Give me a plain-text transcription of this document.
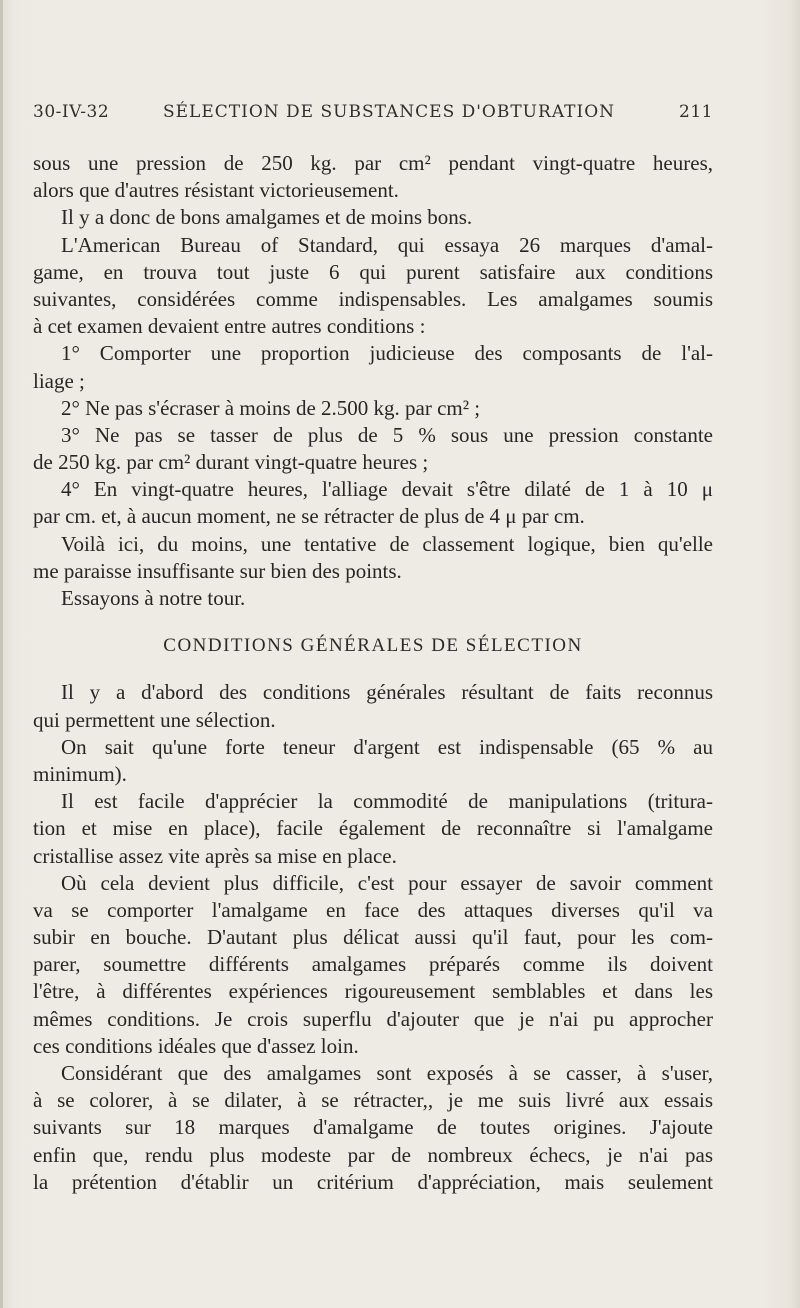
30-IV-32	SÉLECTION DE SUBSTANCES D'OBTURATION	211
sous une pression de 250 kg. par cm² pendant vingt-quatre heures,
alors que d'autres résistant victorieusement.
Il y a donc de bons amalgames et de moins bons.
L'American Bureau of Standard, qui essaya 26 marques d'amal-
game, en trouva tout juste 6 qui purent satisfaire aux conditions
suivantes, considérées comme indispensables. Les amalgames soumis
à cet examen devaient entre autres conditions :
1° Comporter une proportion judicieuse des composants de l'al-
liage ;
2° Ne pas s'écraser à moins de 2.500 kg. par cm² ;
3° Ne pas se tasser de plus de 5 % sous une pression constante
de 250 kg. par cm² durant vingt-quatre heures ;
4° En vingt-quatre heures, l'alliage devait s'être dilaté de 1 à 10 μ
par cm. et, à aucun moment, ne se rétracter de plus de 4 μ par cm.
Voilà ici, du moins, une tentative de classement logique, bien qu'elle
me paraisse insuffisante sur bien des points.
Essayons à notre tour.
CONDITIONS GÉNÉRALES DE SÉLECTION
Il y a d'abord des conditions générales résultant de faits reconnus
qui permettent une sélection.
On sait qu'une forte teneur d'argent est indispensable (65 % au
minimum).
Il est facile d'apprécier la commodité de manipulations (tritura-
tion et mise en place), facile également de reconnaître si l'amalgame
cristallise assez vite après sa mise en place.
Où cela devient plus difficile, c'est pour essayer de savoir comment
va se comporter l'amalgame en face des attaques diverses qu'il va
subir en bouche. D'autant plus délicat aussi qu'il faut, pour les com-
parer, soumettre différents amalgames préparés comme ils doivent
l'être, à différentes expériences rigoureusement semblables et dans les
mêmes conditions. Je crois superflu d'ajouter que je n'ai pu approcher
ces conditions idéales que d'assez loin.
Considérant que des amalgames sont exposés à se casser, à s'user,
à se colorer, à se dilater, à se rétracter,, je me suis livré aux essais
suivants sur 18 marques d'amalgame de toutes origines. J'ajoute
enfin que, rendu plus modeste par de nombreux échecs, je n'ai pas
la prétention d'établir un critérium d'appréciation, mais seulement
